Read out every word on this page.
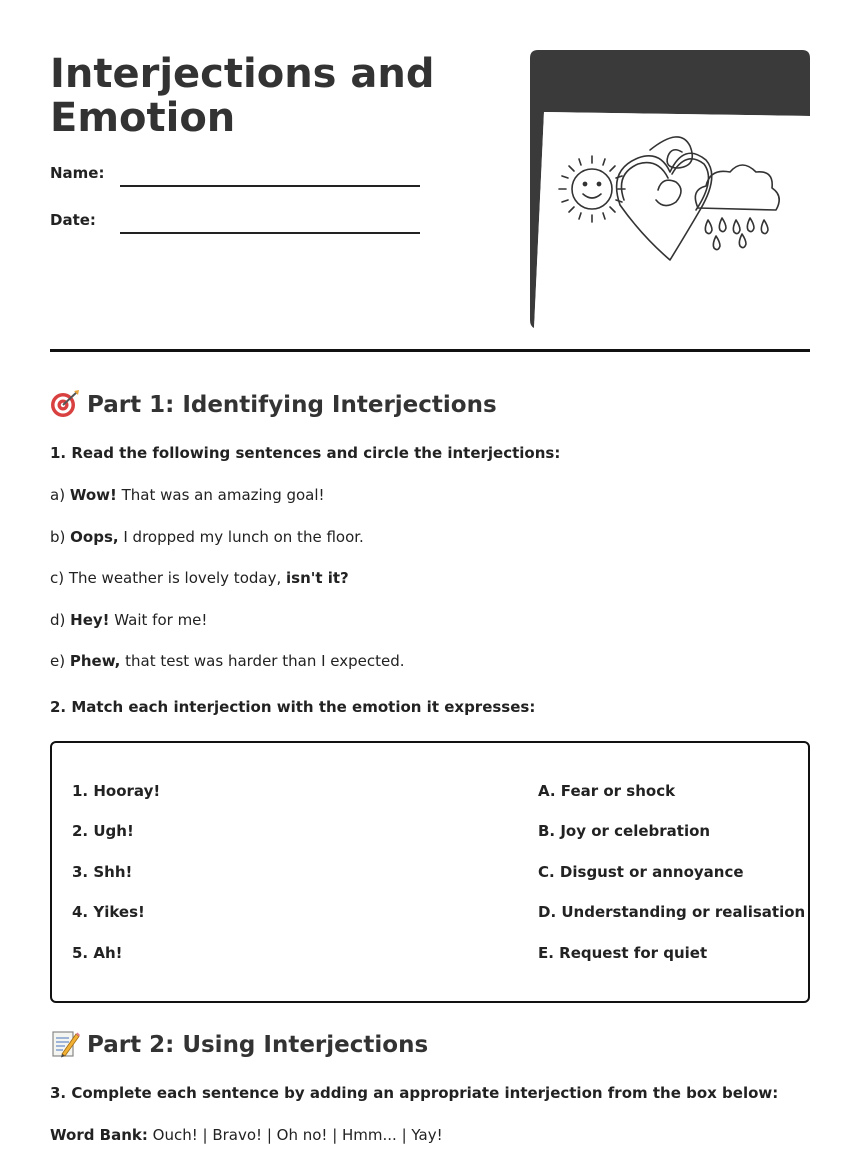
Interjections and
Emotion
Name:
Date:
Part 1: Identifying Interjections
1. Read the following sentences and circle the interjections:
a) Wow! That was an amazing goal!
b) Oops, I dropped my lunch on the floor.
c) The weather is lovely today, isn't it?
d) Hey! Wait for me!
e) Phew, that test was harder than I expected.
2. Match each interjection with the emotion it expresses:
1. Hooray!
2. Ugh!
3. Shh!
4. Yikes!
5. Ah!
A. Fear or shock
B. Joy or celebration
C. Disgust or annoyance
D. Understanding or realisation
E. Request for quiet
Part 2: Using Interjections
3. Complete each sentence by adding an appropriate interjection from the box below:
Word Bank: Ouch! | Bravo! | Oh no! | Hmm... | Yay!
